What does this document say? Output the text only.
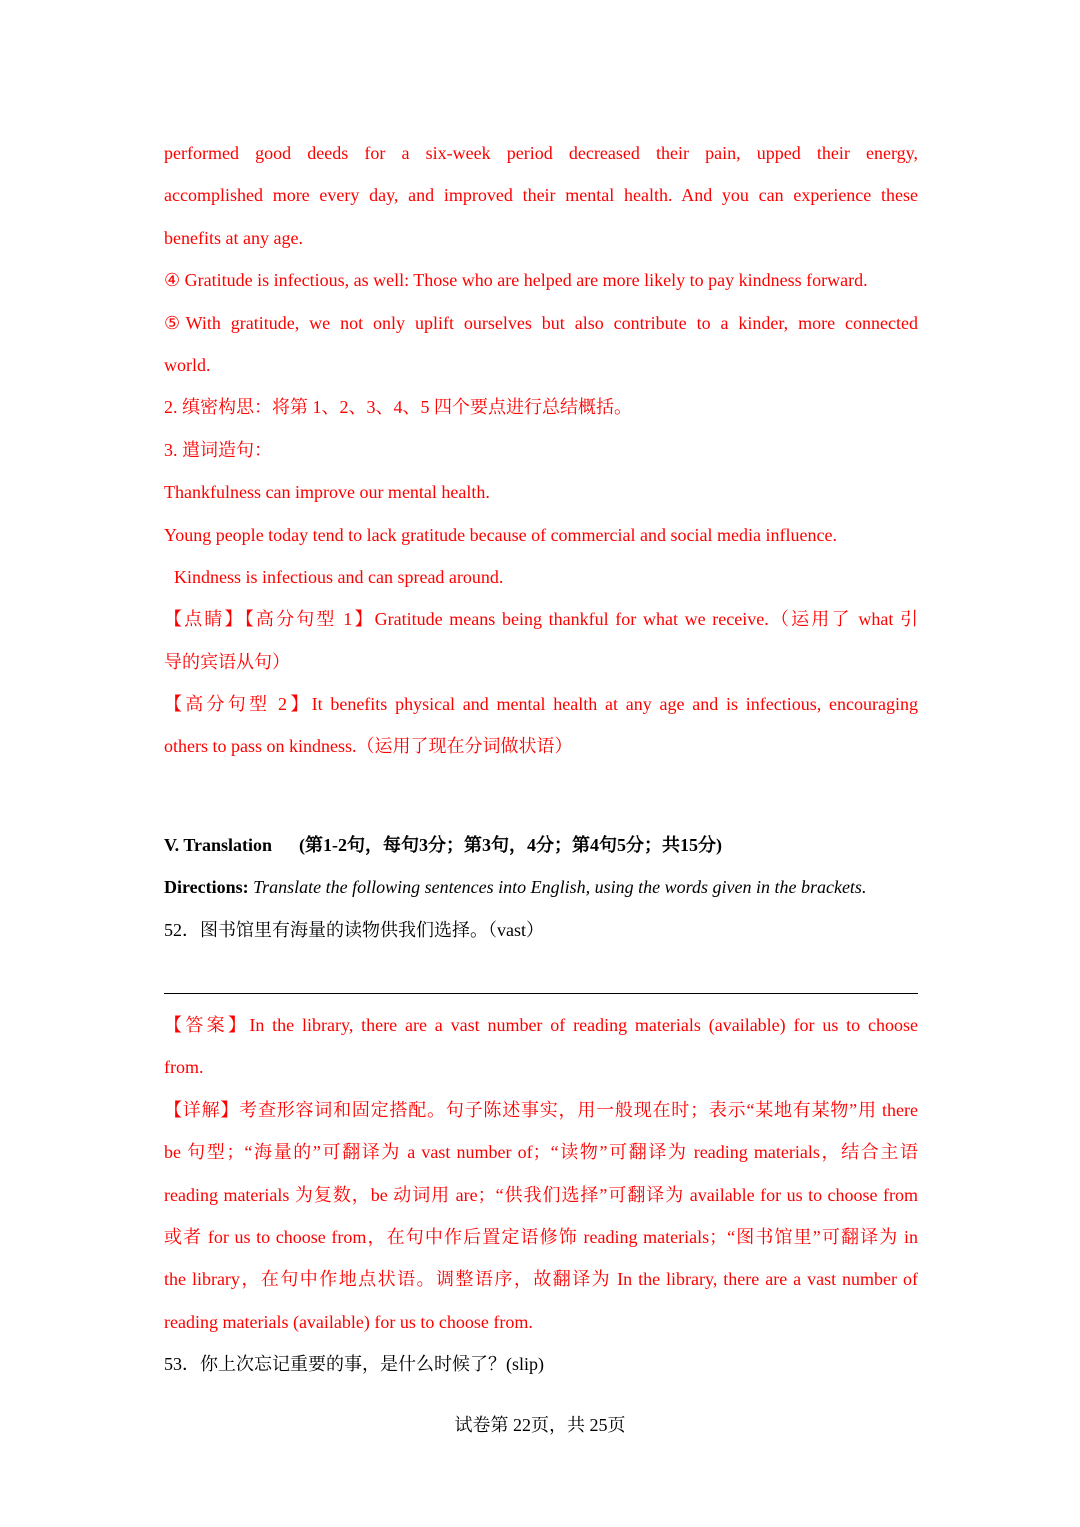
performed good deeds for a six-week period decreased their pain, upped their energy,
accomplished more every day, and improved their mental health. And you can experience these
benefits at any age.
④ Gratitude is infectious, as well: Those who are helped are more likely to pay kindness forward.
⑤With gratitude, we not only uplift ourselves but also contribute to a kinder, more connected
world.
2. 缜密构思：将第 1、2、3、4、5 四个要点进行总结概括。
3. 遣词造句：
Thankfulness can improve our mental health.
Young people today tend to lack gratitude because of commercial and social media influence.
Kindness is infectious and can spread around.
【点睛】【高分句型 1】Gratitude means being thankful for what we receive.（运用了 what 引
导的宾语从句）
【高分句型 2】It benefits physical and mental health at any age and is infectious, encouraging
others to pass on kindness.（运用了现在分词做状语）
V. Translation (第1-2句，每句3分；第3句，4分；第4句5分；共15分)
Directions: Translate the following sentences into English, using the words given in the brackets.
52．图书馆里有海量的读物供我们选择。（vast）
【答案】In the library, there are a vast number of reading materials (available) for us to choose
from.
【详解】考查形容词和固定搭配。句子陈述事实，用一般现在时；表示“某地有某物”用 there
be 句型；“海量的”可翻译为 a vast number of；“读物”可翻译为 reading materials，结合主语
reading materials 为复数，be 动词用 are；“供我们选择”可翻译为 available for us to choose from
或者 for us to choose from，在句中作后置定语修饰 reading materials；“图书馆里”可翻译为 in
the library，在句中作地点状语。调整语序，故翻译为 In the library, there are a vast number of
reading materials (available) for us to choose from.
53．你上次忘记重要的事，是什么时候了？(slip)
试卷第 22页，共 25页
